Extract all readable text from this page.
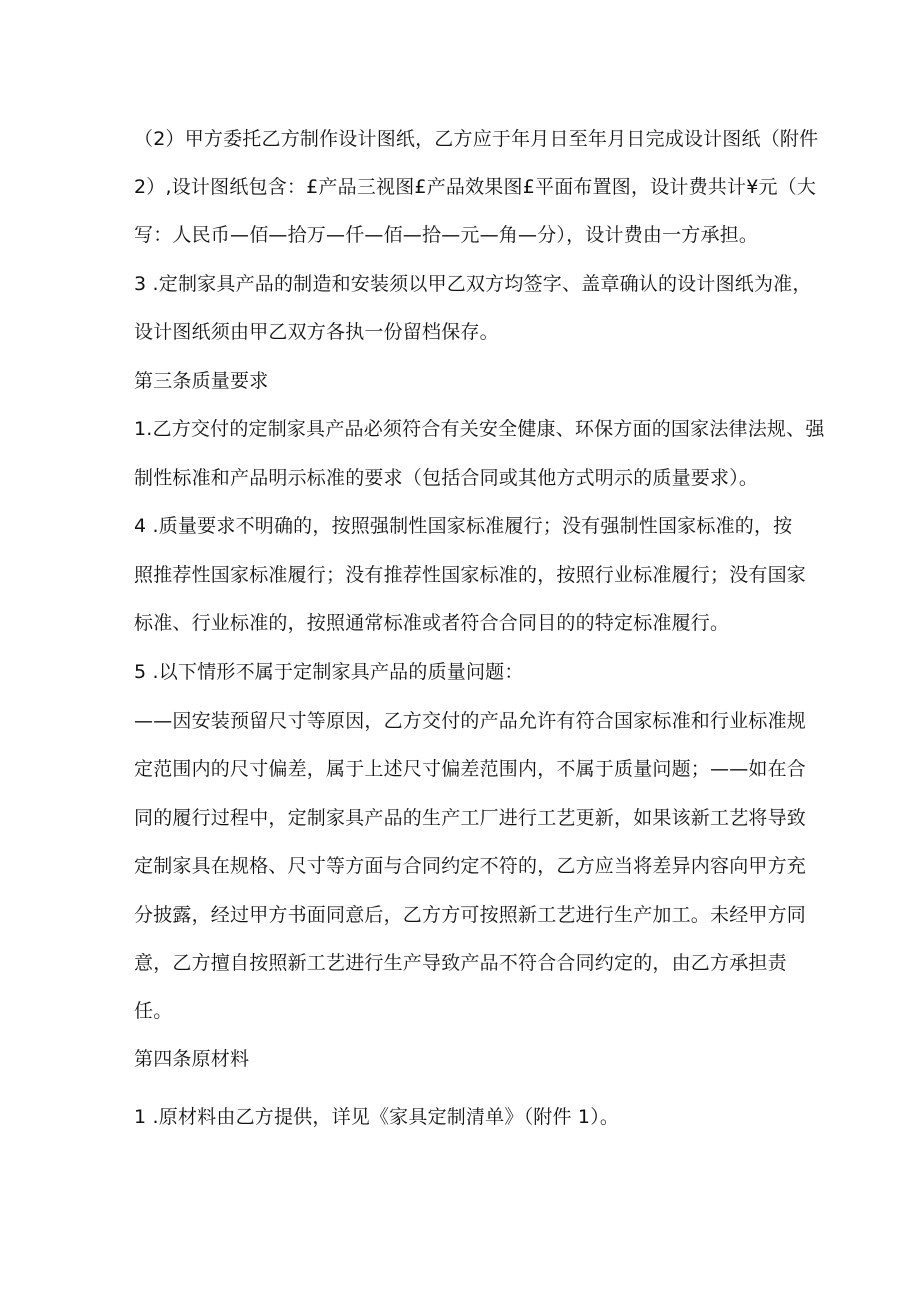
（2）甲方委托乙方制作设计图纸，乙方应于年月日至年月日完成设计图纸（附件
2）,设计图纸包含：£产品三视图£产品效果图£平面布置图，设计费共计¥元（大
写：人民币—佰—拾万—仟—佰—拾—元—角—分），设计费由一方承担。
3 .定制家具产品的制造和安装须以甲乙双方均签字、盖章确认的设计图纸为准，
设计图纸须由甲乙双方各执一份留档保存。
第三条质量要求
1.乙方交付的定制家具产品必须符合有关安全健康、环保方面的国家法律法规、强
制性标准和产品明示标准的要求（包括合同或其他方式明示的质量要求）。
4 .质量要求不明确的，按照强制性国家标准履行；没有强制性国家标准的，按
照推荐性国家标准履行；没有推荐性国家标准的，按照行业标准履行；没有国家
标准、行业标准的，按照通常标准或者符合合同目的的特定标准履行。
5 .以下情形不属于定制家具产品的质量问题：
——因安装预留尺寸等原因，乙方交付的产品允许有符合国家标准和行业标准规
定范围内的尺寸偏差，属于上述尺寸偏差范围内，不属于质量问题；——如在合
同的履行过程中，定制家具产品的生产工厂进行工艺更新，如果该新工艺将导致
定制家具在规格、尺寸等方面与合同约定不符的，乙方应当将差异内容向甲方充
分披露，经过甲方书面同意后，乙方方可按照新工艺进行生产加工。未经甲方同
意，乙方擅自按照新工艺进行生产导致产品不符合合同约定的，由乙方承担责
任。
第四条原材料
1 .原材料由乙方提供，详见《家具定制清单》（附件 1）。
